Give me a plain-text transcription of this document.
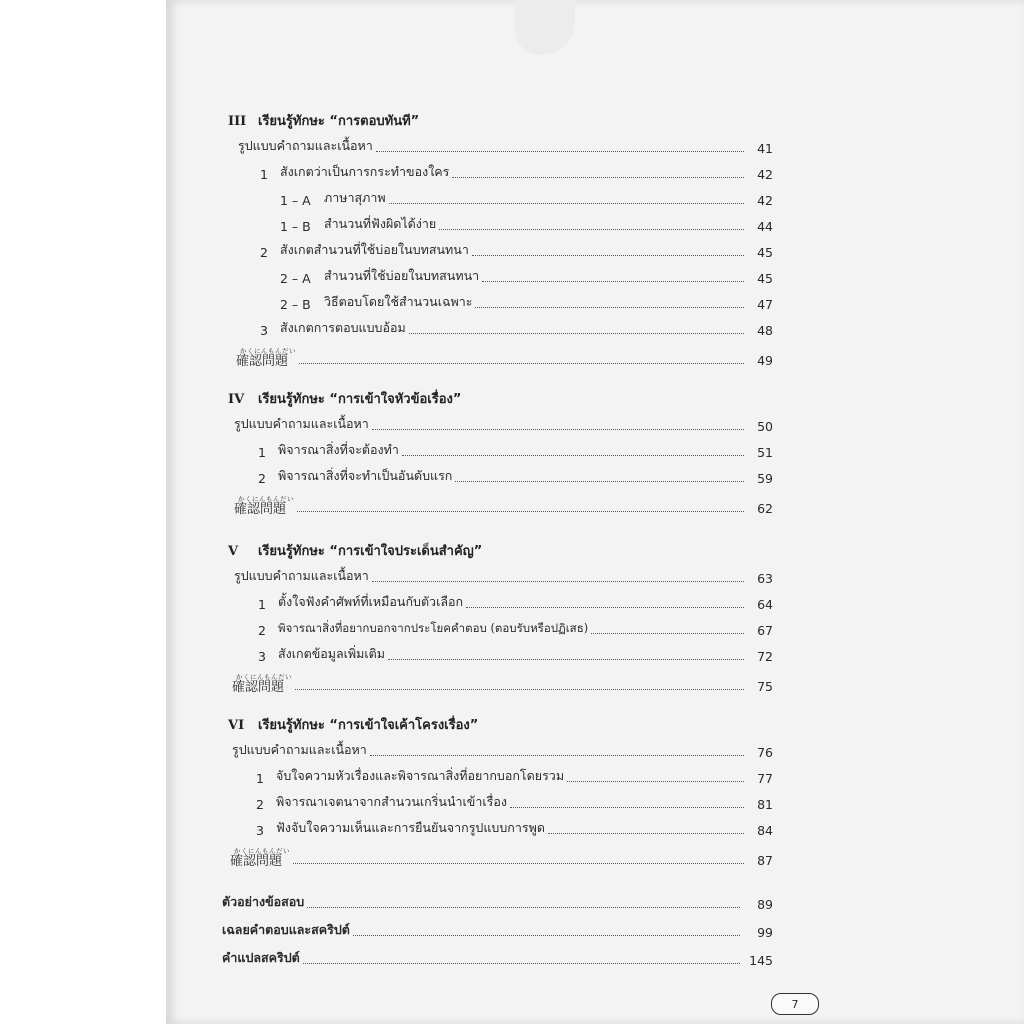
III เรียนรู้ทักษะ “การตอบทันที”
รูปแบบคำถามและเนื้อหา	41
1 สังเกตว่าเป็นการกระทำของใคร	42
1 – A	ภาษาสุภาพ	42
1 – B	สำนวนที่ฟังผิดได้ง่าย	44
2 สังเกตสำนวนที่ใช้บ่อยในบทสนทนา	45
2 – A	สำนวนที่ใช้บ่อยในบทสนทนา	45
2 – B	วิธีตอบโดยใช้สำนวนเฉพาะ	47
3 สังเกตการตอบแบบอ้อม	48
かくにんもんだい
確認問題	49
IV	เรียนรู้ทักษะ “การเข้าใจหัวข้อเรื่อง”
รูปแบบคำถามและเนื้อหา	50
1 พิจารณาสิ่งที่จะต้องทำ	51
2 พิจารณาสิ่งที่จะทำเป็นอันดับแรก	59
かくにんもんだい
確認問題	62
V	เรียนรู้ทักษะ “การเข้าใจประเด็นสำคัญ”
รูปแบบคำถามและเนื้อหา	63
1 ตั้งใจฟังคำศัพท์ที่เหมือนกับตัวเลือก	64
2	พิจารณาสิ่งที่อยากบอกจากประโยคคำตอบ (ตอบรับหรือปฏิเสธ)	67
3 สังเกตข้อมูลเพิ่มเติม	72
かくにんもんだい
確認問題	75
VI	เรียนรู้ทักษะ “การเข้าใจเค้าโครงเรื่อง”
รูปแบบคำถามและเนื้อหา	76
1 จับใจความหัวเรื่องและพิจารณาสิ่งที่อยากบอกโดยรวม	77
2 พิจารณาเจตนาจากสำนวนเกริ่นนำเข้าเรื่อง	81
3 ฟังจับใจความเห็นและการยืนยันจากรูปแบบการพูด	84
かくにんもんだい
確認問題	87
ตัวอย่างข้อสอบ	89
เฉลยคำตอบและสคริปต์	99
คำแปลสคริปต์	145
7
